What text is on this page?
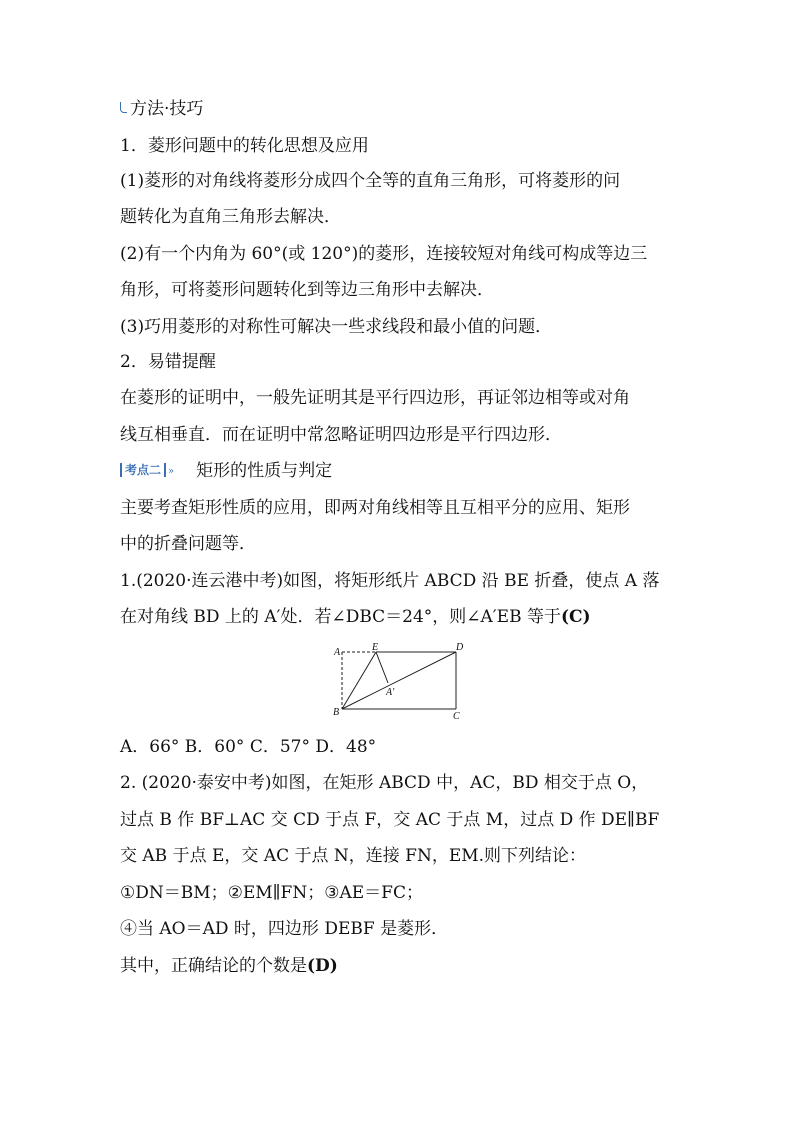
方法·技巧
1．菱形问题中的转化思想及应用
(1)菱形的对角线将菱形分成四个全等的直角三角形，可将菱形的问
题转化为直角三角形去解决．
(2)有一个内角为 60°(或 120°)的菱形，连接较短对角线可构成等边三
角形，可将菱形问题转化到等边三角形中去解决．
(3)巧用菱形的对称性可解决一些求线段和最小值的问题．
2．易错提醒
在菱形的证明中，一般先证明其是平行四边形，再证邻边相等或对角
线互相垂直．而在证明中常忽略证明四边形是平行四边形．
考点二 » 矩形的性质与判定
主要考查矩形性质的应用，即两对角线相等且互相平分的应用、矩形
中的折叠问题等．
1.(2020·连云港中考)如图，将矩形纸片 ABCD 沿 BE 折叠，使点 A 落
在对角线 BD 上的 A′处．若∠DBC＝24°，则∠A′EB 等于(C)
A	E	D
A′
B	C
A．66° B．60° C．57° D．48°
2. (2020·泰安中考)如图，在矩形 ABCD 中，AC，BD 相交于点 O，
过点 B 作 BF⊥AC 交 CD 于点 F，交 AC 于点 M，过点 D 作 DE∥BF
交 AB 于点 E，交 AC 于点 N，连接 FN，EM.则下列结论：
①DN＝BM；②EM∥FN；③AE＝FC；
④当 AO＝AD 时，四边形 DEBF 是菱形．
其中，正确结论的个数是(D)
